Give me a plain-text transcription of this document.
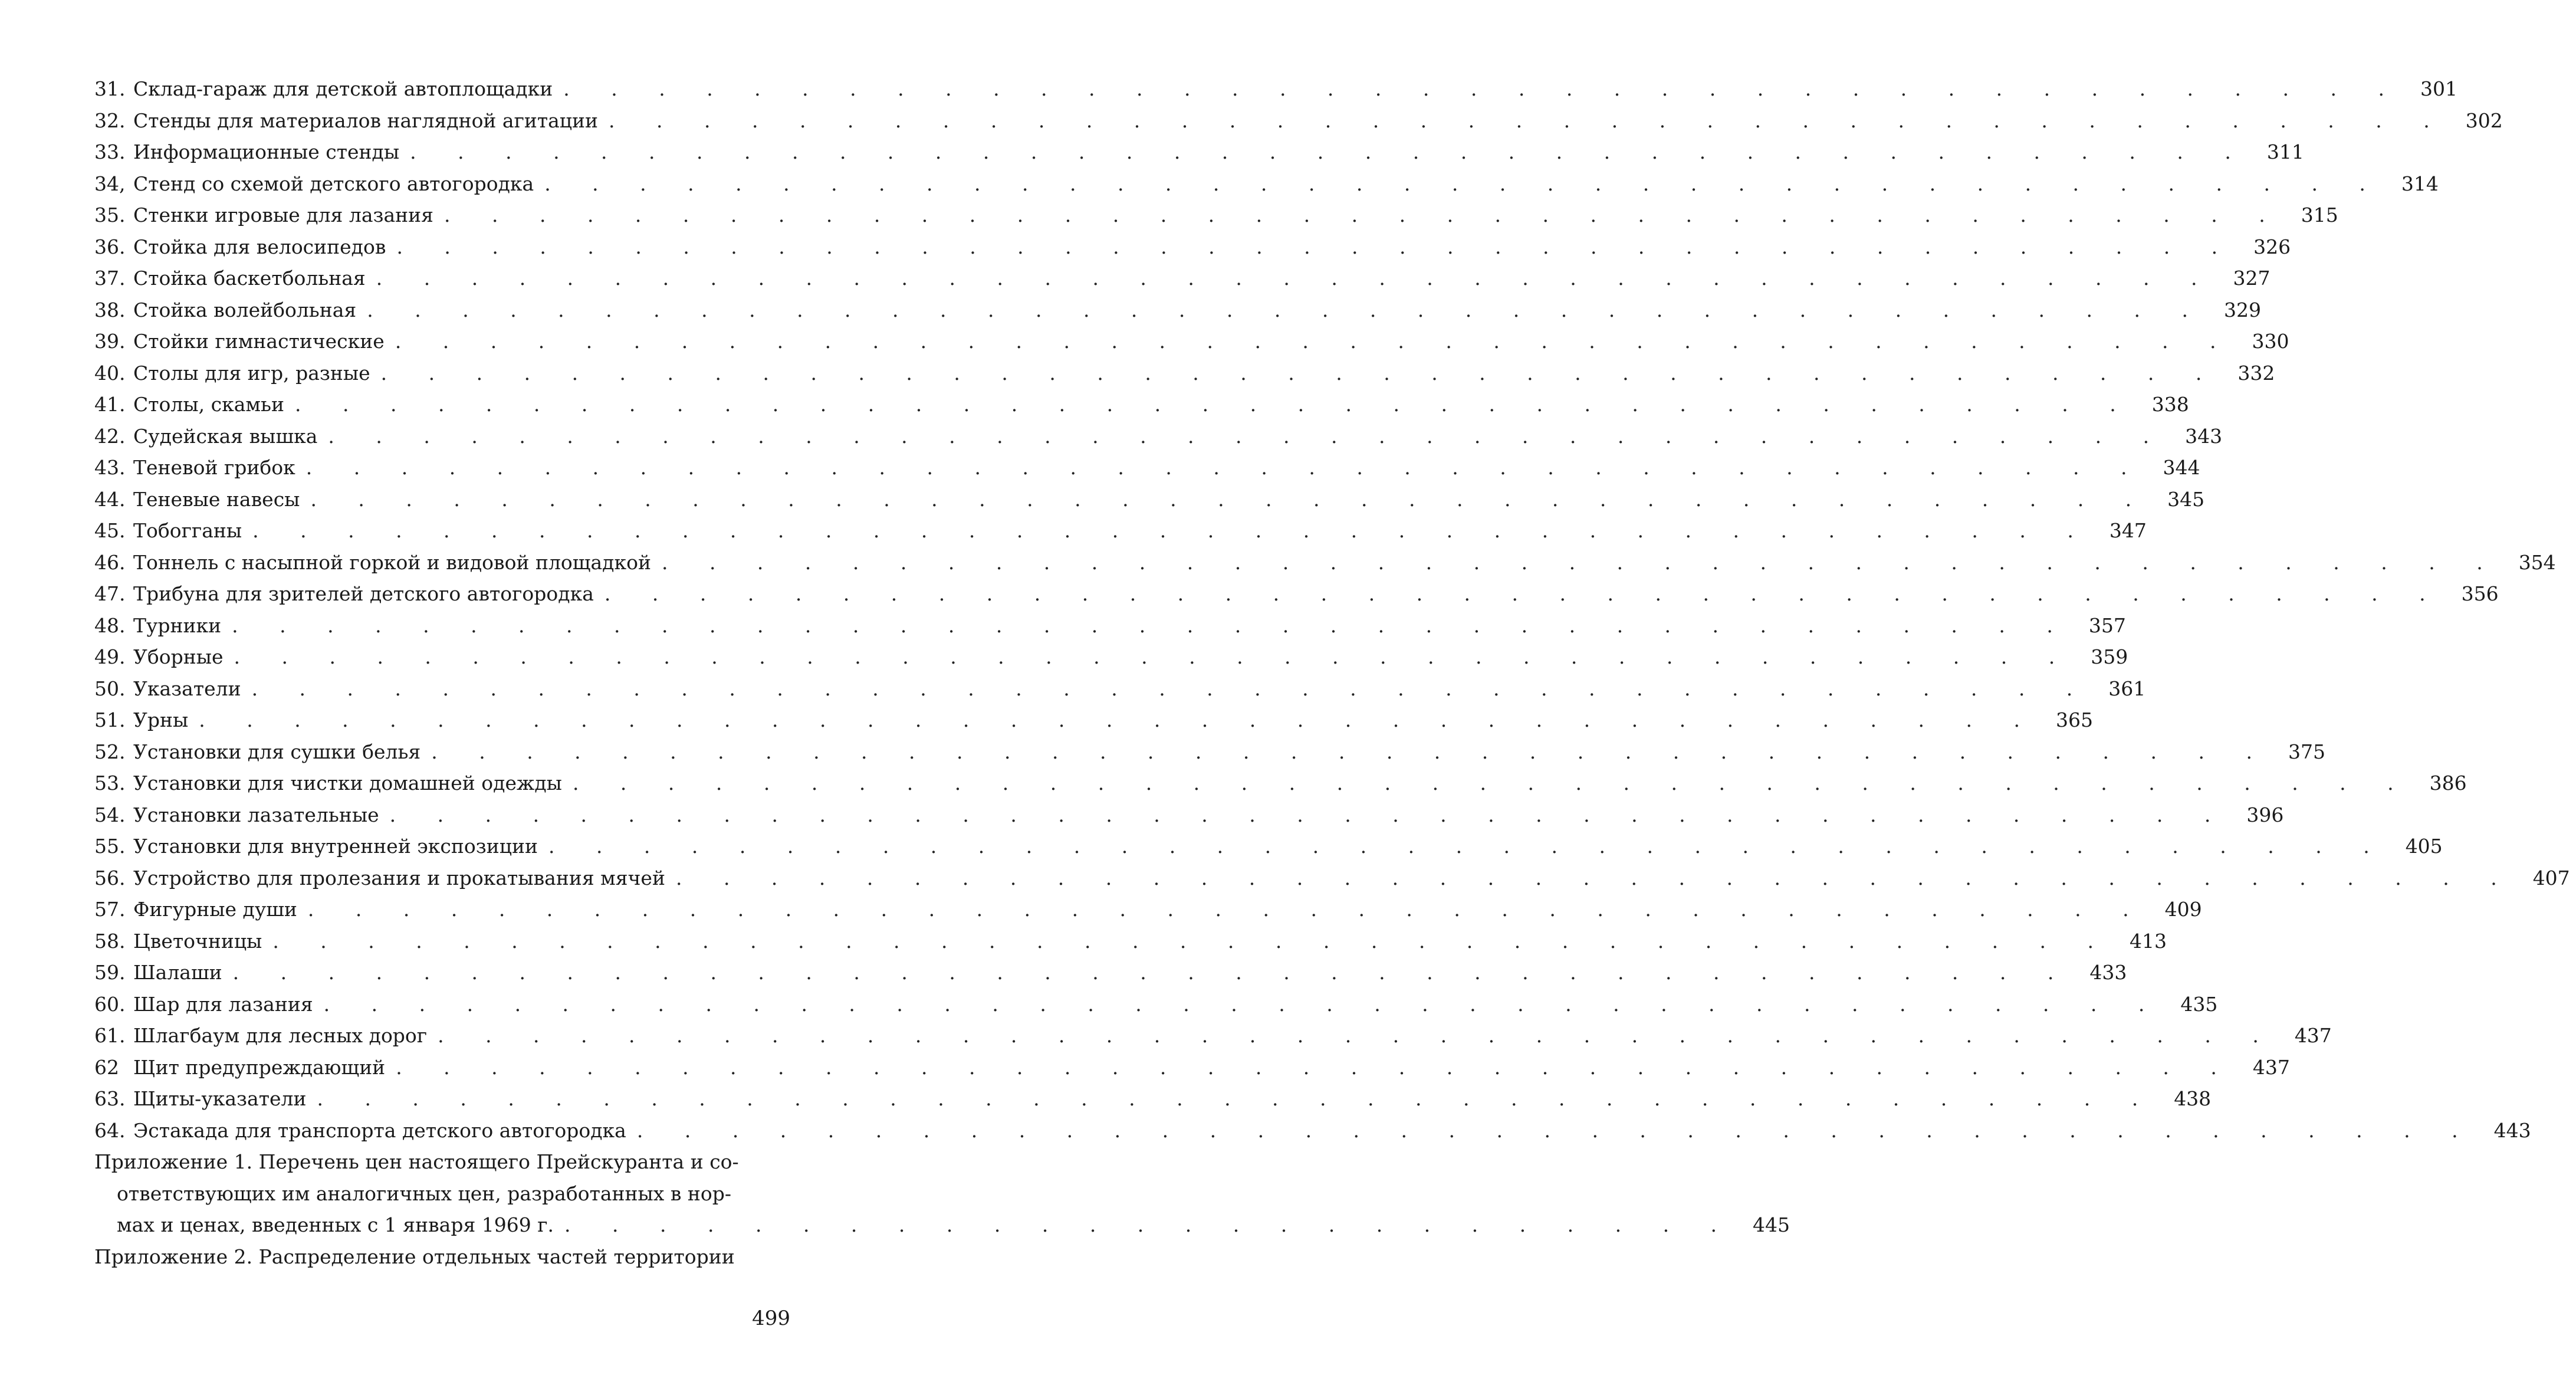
31. Склад-гараж для детской автоплощадки . . . . . . . . . . . . . . . . . . . . . . . . . . . . . . . . . . . . . . . 301
32. Стенды для материалов наглядной агитации . . . . . . . . . . . . . . . . . . . . . . . . . . . . . . . . . . . . . . . 302
33. Информационные стенды . . . . . . . . . . . . . . . . . . . . . . . . . . . . . . . . . . . . . . . 311
34, Стенд со схемой детского автогородка . . . . . . . . . . . . . . . . . . . . . . . . . . . . . . . . . . . . . . . 314
35. Стенки игровые для лазания . . . . . . . . . . . . . . . . . . . . . . . . . . . . . . . . . . . . . . . 315
36. Стойка для велосипедов . . . . . . . . . . . . . . . . . . . . . . . . . . . . . . . . . . . . . . . 326
37. Стойка баскетбольная . . . . . . . . . . . . . . . . . . . . . . . . . . . . . . . . . . . . . . . 327
38. Стойка волейбольная . . . . . . . . . . . . . . . . . . . . . . . . . . . . . . . . . . . . . . . 329
39. Стойки гимнастические . . . . . . . . . . . . . . . . . . . . . . . . . . . . . . . . . . . . . . . 330
40. Столы для игр, разные . . . . . . . . . . . . . . . . . . . . . . . . . . . . . . . . . . . . . . . 332
41. Столы, скамьи . . . . . . . . . . . . . . . . . . . . . . . . . . . . . . . . . . . . . . . 338
42. Судейская вышка . . . . . . . . . . . . . . . . . . . . . . . . . . . . . . . . . . . . . . . 343
43. Теневой грибок . . . . . . . . . . . . . . . . . . . . . . . . . . . . . . . . . . . . . . . 344
44. Теневые навесы . . . . . . . . . . . . . . . . . . . . . . . . . . . . . . . . . . . . . . . 345
45. Тобогганы . . . . . . . . . . . . . . . . . . . . . . . . . . . . . . . . . . . . . . . 347
46. Тоннель с насыпной горкой и видовой площадкой . . . . . . . . . . . . . . . . . . . . . . . . . . . . . . . . . . . . . . . 354
47. Трибуна для зрителей детского автогородка . . . . . . . . . . . . . . . . . . . . . . . . . . . . . . . . . . . . . . . 356
48. Турники . . . . . . . . . . . . . . . . . . . . . . . . . . . . . . . . . . . . . . . 357
49. Уборные . . . . . . . . . . . . . . . . . . . . . . . . . . . . . . . . . . . . . . . 359
50. Указатели . . . . . . . . . . . . . . . . . . . . . . . . . . . . . . . . . . . . . . . 361
51. Урны . . . . . . . . . . . . . . . . . . . . . . . . . . . . . . . . . . . . . . . 365
52. Установки для сушки белья . . . . . . . . . . . . . . . . . . . . . . . . . . . . . . . . . . . . . . . 375
53. Установки для чистки домашней одежды . . . . . . . . . . . . . . . . . . . . . . . . . . . . . . . . . . . . . . . 386
54. Установки лазательные . . . . . . . . . . . . . . . . . . . . . . . . . . . . . . . . . . . . . . . 396
55. Установки для внутренней экспозиции . . . . . . . . . . . . . . . . . . . . . . . . . . . . . . . . . . . . . . . 405
56. Устройство для пролезания и прокатывания мячей . . . . . . . . . . . . . . . . . . . . . . . . . . . . . . . . . . . . . . . 407
57. Фигурные души . . . . . . . . . . . . . . . . . . . . . . . . . . . . . . . . . . . . . . . 409
58. Цветочницы . . . . . . . . . . . . . . . . . . . . . . . . . . . . . . . . . . . . . . . 413
59. Шалаши . . . . . . . . . . . . . . . . . . . . . . . . . . . . . . . . . . . . . . . 433
60. Шар для лазания . . . . . . . . . . . . . . . . . . . . . . . . . . . . . . . . . . . . . . . 435
61. Шлагбаум для лесных дорог . . . . . . . . . . . . . . . . . . . . . . . . . . . . . . . . . . . . . . . 437
62 Щит предупреждающий . . . . . . . . . . . . . . . . . . . . . . . . . . . . . . . . . . . . . . . 437
63. Щиты-указатели . . . . . . . . . . . . . . . . . . . . . . . . . . . . . . . . . . . . . . . 438
64. Эстакада для транспорта детского автогородка . . . . . . . . . . . . . . . . . . . . . . . . . . . . . . . . . . . . . . . 443
Приложение 1. Перечень цен настоящего Прейскуранта и со-
ответствующих им аналогичных цен, разработанных в нор-
мах и ценах, введенных с 1 января 1969 г. . . . . . . . . . . . . . . . . . . . . . . . . . 445
Приложение 2. Распределение отдельных частей территории
499
